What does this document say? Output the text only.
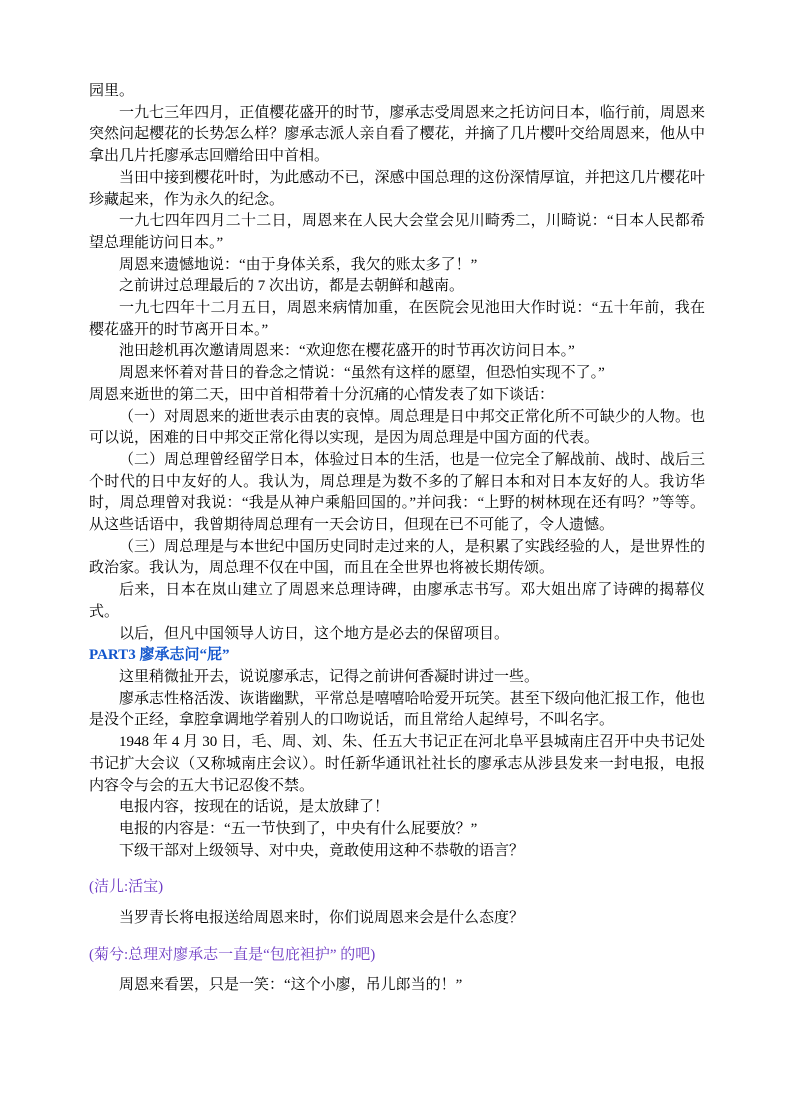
园里。

一九七三年四月，正值樱花盛开的时节，廖承志受周恩来之托访问日本，临行前，周恩来突然问起樱花的长势怎么样？廖承志派人亲自看了樱花，并摘了几片樱叶交给周恩来，他从中拿出几片托廖承志回赠给田中首相。

当田中接到樱花叶时，为此感动不已，深感中国总理的这份深情厚谊，并把这几片樱花叶珍藏起来，作为永久的纪念。

一九七四年四月二十二日，周恩来在人民大会堂会见川畸秀二，川畸说：“日本人民都希望总理能访问日本。”

周恩来遗憾地说：“由于身体关系，我欠的账太多了！”

之前讲过总理最后的 7 次出访，都是去朝鲜和越南。

一九七四年十二月五日，周恩来病情加重，在医院会见池田大作时说：“五十年前，我在樱花盛开的时节离开日本。”

池田趁机再次邀请周恩来：“欢迎您在樱花盛开的时节再次访问日本。”

周恩来怀着对昔日的眷念之情说：“虽然有这样的愿望，但恐怕实现不了。”

周恩来逝世的第二天，田中首相带着十分沉痛的心情发表了如下谈话：

（一）对周恩来的逝世表示由衷的哀悼。周总理是日中邦交正常化所不可缺少的人物。也可以说，困难的日中邦交正常化得以实现，是因为周总理是中国方面的代表。

（二）周总理曾经留学日本，体验过日本的生活，也是一位完全了解战前、战时、战后三个时代的日中友好的人。我认为，周总理是为数不多的了解日本和对日本友好的人。我访华时，周总理曾对我说：“我是从神户乘船回国的。”并问我：“上野的树林现在还有吗？”等等。从这些话语中，我曾期待周总理有一天会访日，但现在已不可能了，令人遗憾。

（三）周总理是与本世纪中国历史同时走过来的人，是积累了实践经验的人，是世界性的政治家。我认为，周总理不仅在中国，而且在全世界也将被长期传颂。

后来，日本在岚山建立了周恩来总理诗碑，由廖承志书写。邓大姐出席了诗碑的揭幕仪式。

以后，但凡中国领导人访日，这个地方是必去的保留项目。

PART3 廖承志问“屁”

这里稍微扯开去，说说廖承志，记得之前讲何香凝时讲过一些。

廖承志性格活泼、诙谐幽默，平常总是嘻嘻哈哈爱开玩笑。甚至下级向他汇报工作，他也是没个正经，拿腔拿调地学着别人的口吻说话，而且常给人起绰号，不叫名字。

1948 年 4 月 30 日，毛、周、刘、朱、任五大书记正在河北阜平县城南庄召开中央书记处书记扩大会议（又称城南庄会议）。时任新华通讯社社长的廖承志从涉县发来一封电报，电报内容令与会的五大书记忍俊不禁。

电报内容，按现在的话说，是太放肆了！

电报的内容是：“五一节快到了，中央有什么屁要放？”

下级干部对上级领导、对中央，竟敢使用这种不恭敬的语言？

(洁儿:活宝)

当罗青长将电报送给周恩来时，你们说周恩来会是什么态度？

(菊兮:总理对廖承志一直是“包庇袒护” 的吧)

周恩来看罢，只是一笑：“这个小廖，吊儿郎当的！”
